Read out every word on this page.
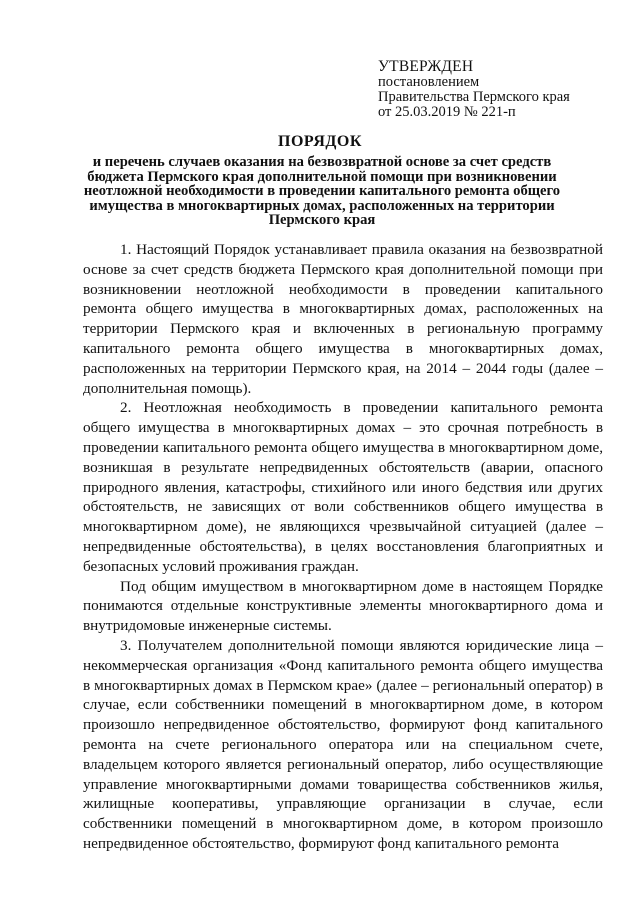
УТВЕРЖДЕН
постановлением
Правительства Пермского края
от 25.03.2019 № 221-п
ПОРЯДОК
и перечень случаев оказания на безвозвратной основе за счет средств бюджета Пермского края дополнительной помощи при возникновении неотложной необходимости в проведении капитального ремонта общего имущества в многоквартирных домах, расположенных на территории Пермского края

1. Настоящий Порядок устанавливает правила оказания на безвозвратной основе за счет средств бюджета Пермского края дополнительной помощи при возникновении неотложной необходимости в проведении капитального ремонта общего имущества в многоквартирных домах, расположенных на территории Пермского края и включенных в региональную программу капитального ремонта общего имущества в многоквартирных домах, расположенных на территории Пермского края, на 2014 – 2044 годы (далее – дополнительная помощь).

2. Неотложная необходимость в проведении капитального ремонта общего имущества в многоквартирных домах – это срочная потребность в проведении капитального ремонта общего имущества в многоквартирном доме, возникшая в результате непредвиденных обстоятельств (аварии, опасного природного явления, катастрофы, стихийного или иного бедствия или других обстоятельств, не зависящих от воли собственников общего имущества в многоквартирном доме), не являющихся чрезвычайной ситуацией (далее – непредвиденные обстоятельства), в целях восстановления благоприятных и безопасных условий проживания граждан.

Под общим имуществом в многоквартирном доме в настоящем Порядке понимаются отдельные конструктивные элементы многоквартирного дома и внутридомовые инженерные системы.

3. Получателем дополнительной помощи являются юридические лица – некоммерческая организация «Фонд капитального ремонта общего имущества в многоквартирных домах в Пермском крае» (далее – региональный оператор) в случае, если собственники помещений в многоквартирном доме, в котором произошло непредвиденное обстоятельство, формируют фонд капитального ремонта на счете регионального оператора или на специальном счете, владельцем которого является региональный оператор, либо осуществляющие управление многоквартирными домами товарищества собственников жилья, жилищные кооперативы, управляющие организации в случае, если собственники помещений в многоквартирном доме, в котором произошло непредвиденное обстоятельство, формируют фонд капитального ремонта
